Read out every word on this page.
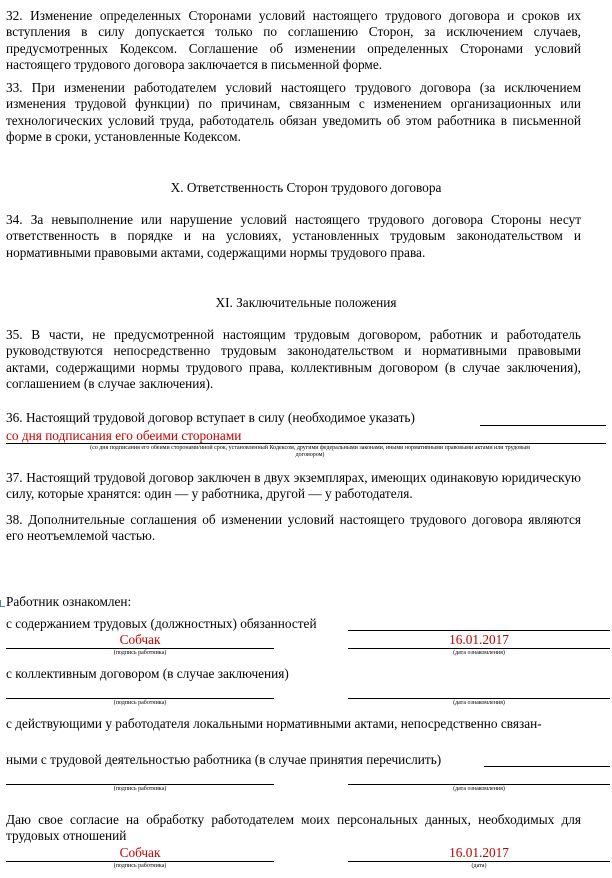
32. Изменение определенных Сторонами условий настоящего трудового договора и сроков их вступления в силу допускается только по соглашению Сторон, за исключением случаев, предусмотренных Кодексом. Соглашение об изменении определенных Сторонами условий настоящего трудового договора заключается в письменной форме.

33. При изменении работодателем условий настоящего трудового договора (за исключением изменения трудовой функции) по причинам, связанным с изменением организационных или технологических условий труда, работодатель обязан уведомить об этом работника в письменной форме в сроки, установленные Кодексом.

X. Ответственность Сторон трудового договора

34. За невыполнение или нарушение условий настоящего трудового договора Стороны несут ответственность в порядке и на условиях, установленных трудовым законодательством и нормативными правовыми актами, содержащими нормы трудового права.

XI. Заключительные положения

35. В части, не предусмотренной настоящим трудовым договором, работник и работодатель руководствуются непосредственно трудовым законодательством и нормативными правовыми актами, содержащими нормы трудового права, коллективным договором (в случае заключения), соглашением (в случае заключения).

36. Настоящий трудовой договор вступает в силу (необходимое указать)
со дня подписания его обеими сторонами
(со дня подписания его обеими сторонами/иной срок, установленный Кодексом, другими федеральными законами, иными нормативными правовыми актами или трудовым договором)

37. Настоящий трудовой договор заключен в двух экземплярах, имеющих одинаковую юридическую силу, которые хранятся: один — у работника, другой — у работодателя.

38. Дополнительные соглашения об изменении условий настоящего трудового договора являются его неотъемлемой частью.

Работник ознакомлен:
с содержанием трудовых (должностных) обязанностей
Собчак	16.01.2017
(подпись работника)	(дата ознакомления)
с коллективным договором (в случае заключения)
(подпись работника)	(дата ознакомления)

с действующими у работодателя локальными нормативными актами, непосредственно связан-

ными с трудовой деятельностью работника (в случае принятия перечислить)
(подпись работника)	(дата ознакомления)

Даю свое согласие на обработку работодателем моих персональных данных, необходимых для трудовых отношений

Собчак	16.01.2017
(подпись работника)	(дата)
